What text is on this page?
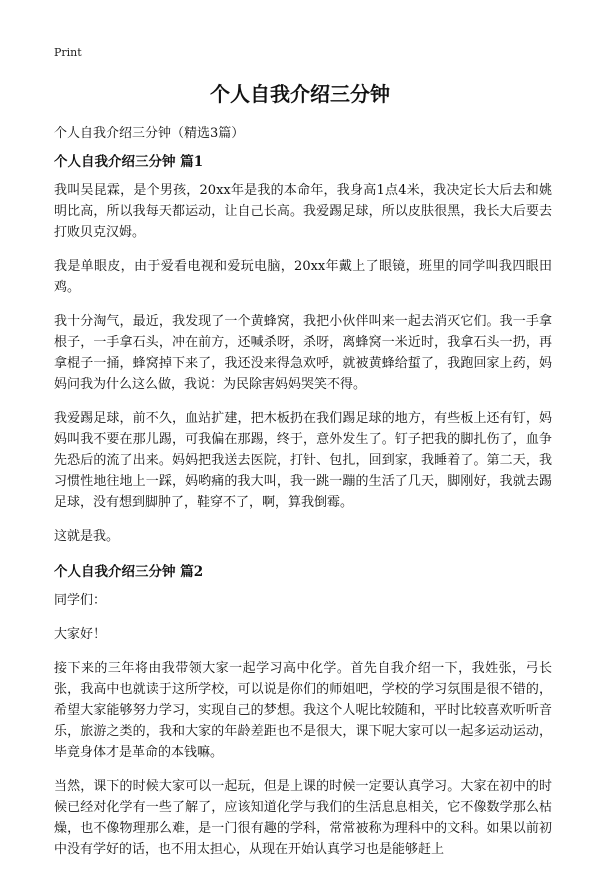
Print
个人自我介绍三分钟
个人自我介绍三分钟（精选3篇）
个人自我介绍三分钟 篇1

我叫吴昆霖，是个男孩，20xx年是我的本命年，我身高1点4米，我决定长大后去和姚明比高，所以我每天都运动，让自己长高。我爱踢足球，所以皮肤很黑，我长大后要去打败贝克汉姆。

我是单眼皮，由于爱看电视和爱玩电脑，20xx年戴上了眼镜，班里的同学叫我四眼田鸡。

我十分淘气，最近，我发现了一个黄蜂窝，我把小伙伴叫来一起去消灭它们。我一手拿根子，一手拿石头，冲在前方，还喊杀呀，杀呀，离蜂窝一米近时，我拿石头一扔，再拿棍子一捅，蜂窝掉下来了，我还没来得急欢呼，就被黄蜂给蜇了，我跑回家上药，妈妈问我为什么这么做，我说：为民除害妈妈哭笑不得。

我爱踢足球，前不久，血站扩建，把木板扔在我们踢足球的地方，有些板上还有钉，妈妈叫我不要在那儿踢，可我偏在那踢，终于，意外发生了。钉子把我的脚扎伤了，血争先恐后的流了出来。妈妈把我送去医院，打针、包扎，回到家，我睡着了。第二天，我习惯性地往地上一踩，妈哟痛的我大叫，我一跳一蹦的生活了几天，脚刚好，我就去踢足球，没有想到脚肿了，鞋穿不了，啊，算我倒霉。

这就是我。

个人自我介绍三分钟 篇2

同学们：

大家好！

接下来的三年将由我带领大家一起学习高中化学。首先自我介绍一下，我姓张，弓长张，我高中也就读于这所学校，可以说是你们的师姐吧，学校的学习氛围是很不错的，希望大家能够努力学习，实现自己的梦想。我这个人呢比较随和，平时比较喜欢听听音乐，旅游之类的，我和大家的年龄差距也不是很大，课下呢大家可以一起多运动运动，毕竟身体才是革命的本钱嘛。

当然，课下的时候大家可以一起玩，但是上课的时候一定要认真学习。大家在初中的时候已经对化学有一些了解了，应该知道化学与我们的生活息息相关，它不像数学那么枯燥，也不像物理那么难，是一门很有趣的学科，常常被称为理科中的文科。如果以前初中没有学好的话，也不用太担心，从现在开始认真学习也是能够赶上
